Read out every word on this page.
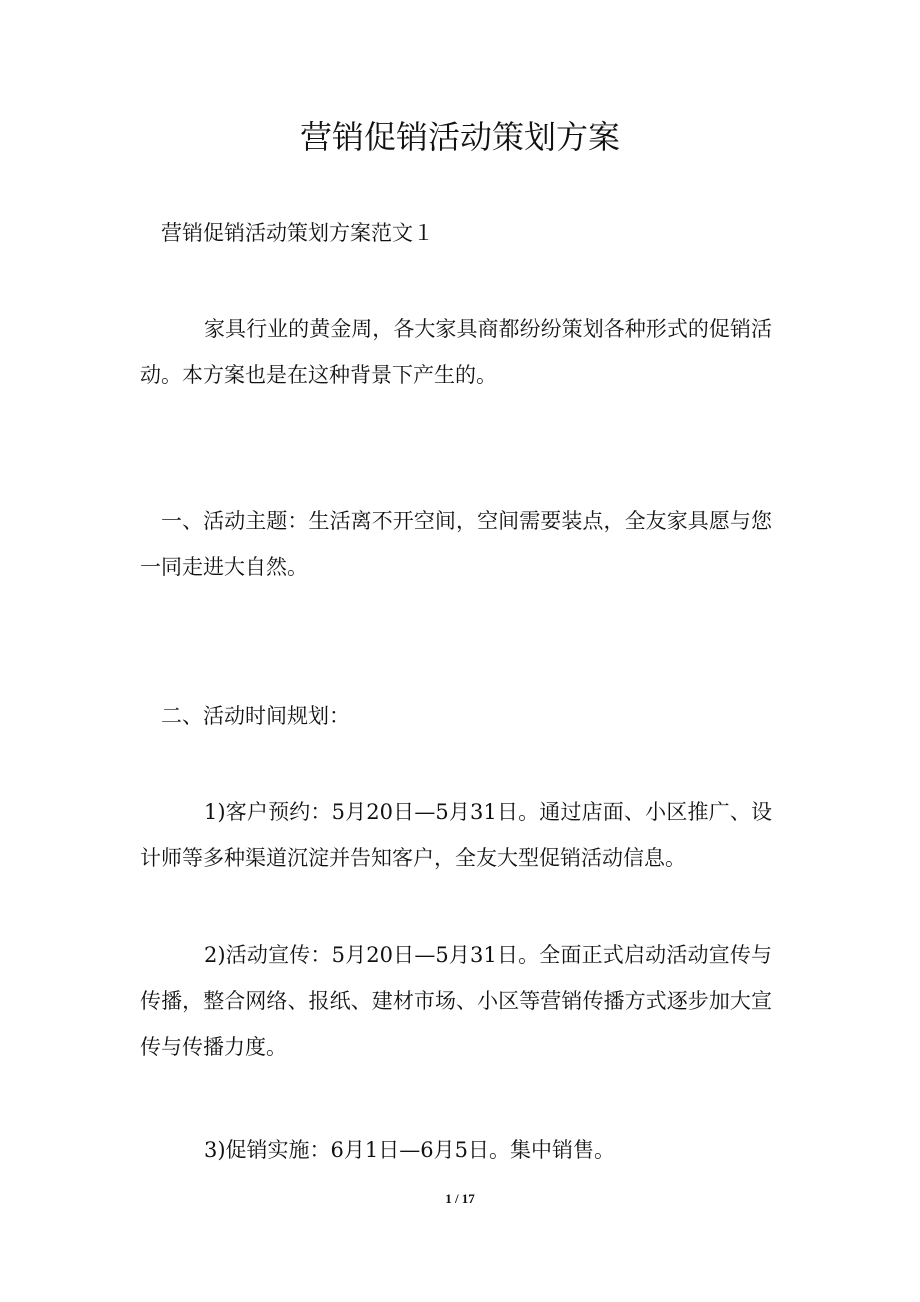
营销促销活动策划方案
营销促销活动策划方案范文１
家具行业的黄金周，各大家具商都纷纷策划各种形式的促销活动。本方案也是在这种背景下产生的。
一、活动主题：生活离不开空间，空间需要装点，全友家具愿与您一同走进大自然。
二、活动时间规划：
1)客户预约：5月20日—5月31日。通过店面、小区推广、设计师等多种渠道沉淀并告知客户，全友大型促销活动信息。
2)活动宣传：5月20日—5月31日。全面正式启动活动宣传与传播，整合网络、报纸、建材市场、小区等营销传播方式逐步加大宣传与传播力度。
3)促销实施：6月1日—6月5日。集中销售。
1 / 17
